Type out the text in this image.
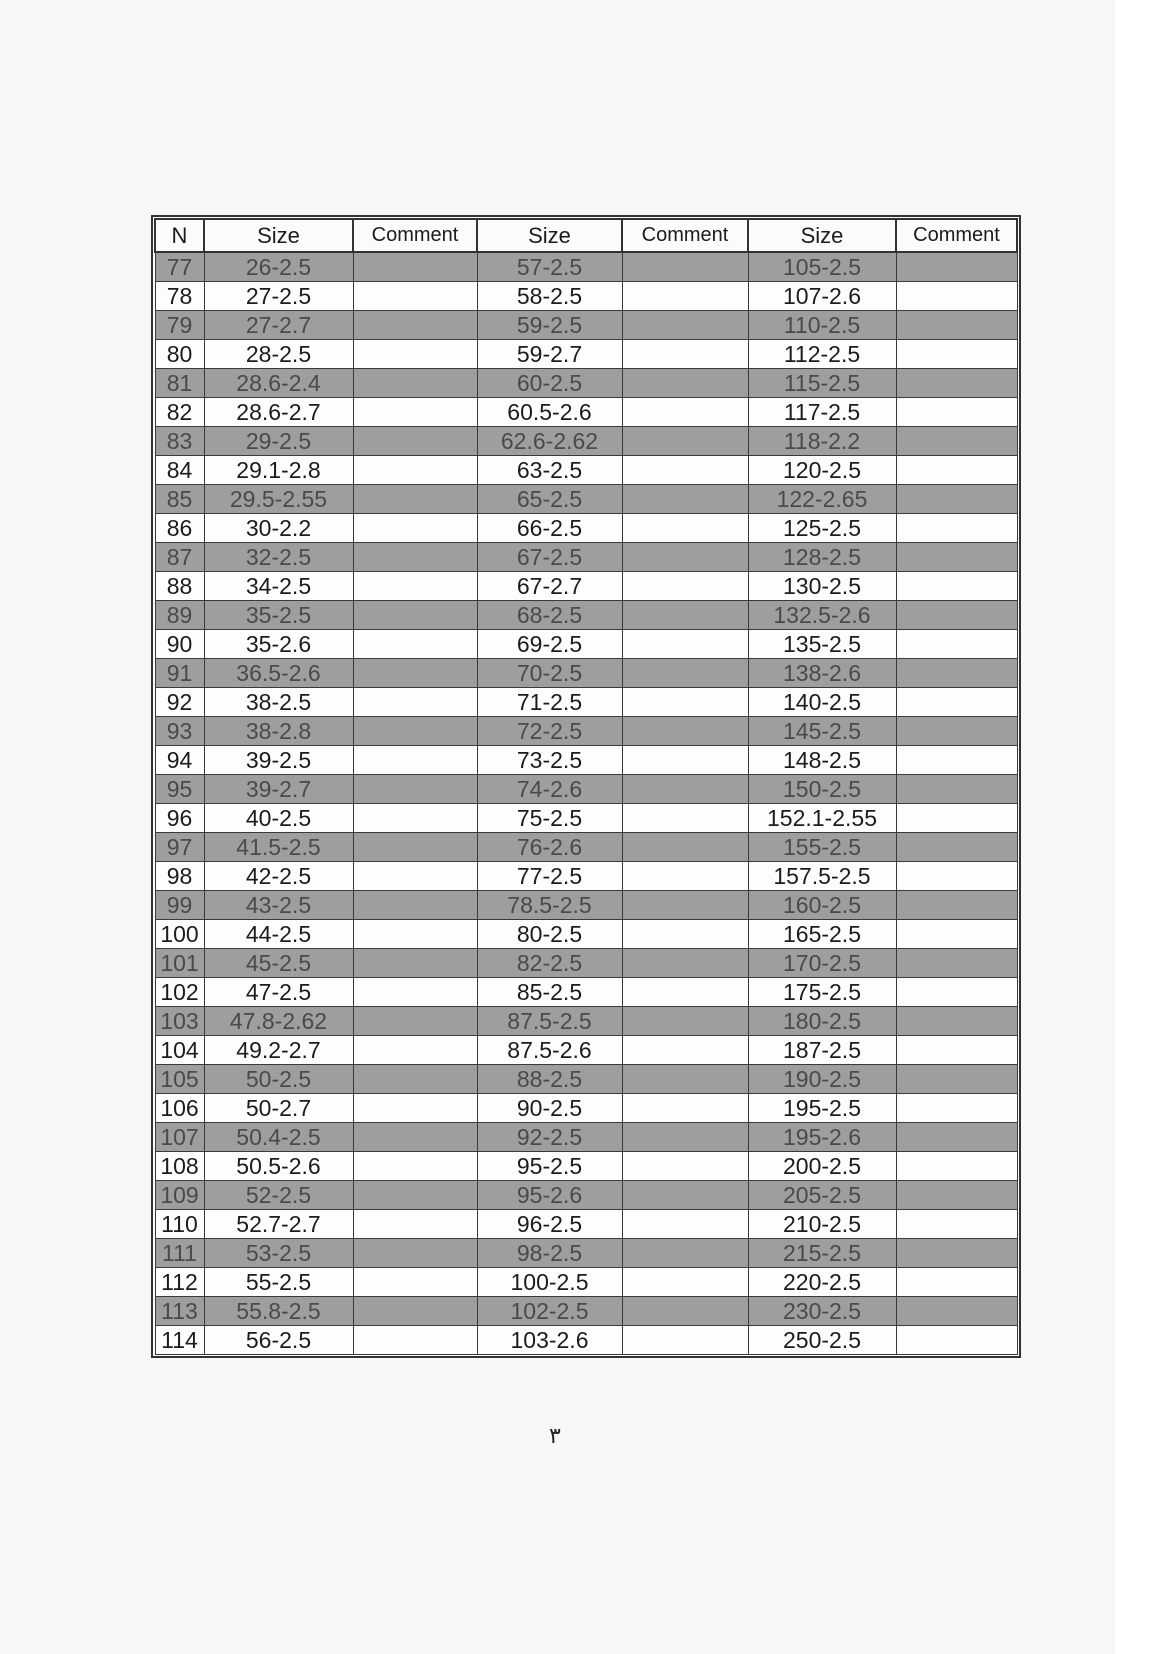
N	Size	Comment	Size	Comment	Size	Comment
77	26-2.5		57-2.5		105-2.5	
78	27-2.5		58-2.5		107-2.6	
79	27-2.7		59-2.5		110-2.5	
80	28-2.5		59-2.7		112-2.5	
81	28.6-2.4		60-2.5		115-2.5	
82	28.6-2.7		60.5-2.6		117-2.5	
83	29-2.5		62.6-2.62		118-2.2	
84	29.1-2.8		63-2.5		120-2.5	
85	29.5-2.55		65-2.5		122-2.65	
86	30-2.2		66-2.5		125-2.5	
87	32-2.5		67-2.5		128-2.5	
88	34-2.5		67-2.7		130-2.5	
89	35-2.5		68-2.5		132.5-2.6	
90	35-2.6		69-2.5		135-2.5	
91	36.5-2.6		70-2.5		138-2.6	
92	38-2.5		71-2.5		140-2.5	
93	38-2.8		72-2.5		145-2.5	
94	39-2.5		73-2.5		148-2.5	
95	39-2.7		74-2.6		150-2.5	
96	40-2.5		75-2.5		152.1-2.55	
97	41.5-2.5		76-2.6		155-2.5	
98	42-2.5		77-2.5		157.5-2.5	
99	43-2.5		78.5-2.5		160-2.5	
100	44-2.5		80-2.5		165-2.5	
101	45-2.5		82-2.5		170-2.5	
102	47-2.5		85-2.5		175-2.5	
103	47.8-2.62		87.5-2.5		180-2.5	
104	49.2-2.7		87.5-2.6		187-2.5	
105	50-2.5		88-2.5		190-2.5	
106	50-2.7		90-2.5		195-2.5	
107	50.4-2.5		92-2.5		195-2.6	
108	50.5-2.6		95-2.5		200-2.5	
109	52-2.5		95-2.6		205-2.5	
110	52.7-2.7		96-2.5		210-2.5	
111	53-2.5		98-2.5		215-2.5	
112	55-2.5		100-2.5		220-2.5	
113	55.8-2.5		102-2.5		230-2.5	
114	56-2.5		103-2.6		250-2.5	
٣
